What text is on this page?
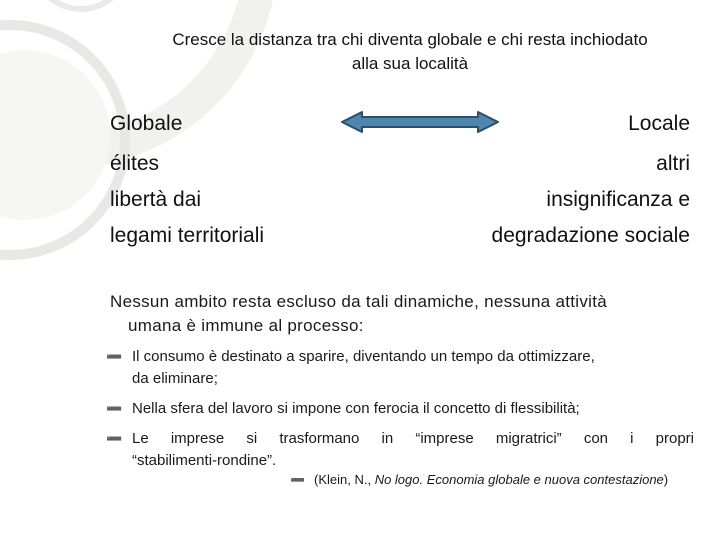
Cresce la distanza tra chi diventa globale e chi resta inchiodato
alla sua località
Globale	Locale
élites
libertà dai
legami territoriali
altri
insignificanza e
degradazione sociale
Nessun ambito resta escluso da tali dinamiche, nessuna attività
umana è immune al processo:
➖ Il consumo è destinato a sparire, diventando un tempo da ottimizzare,
da eliminare;
➖ Nella sfera del lavoro si impone con ferocia il concetto di flessibilità;
➖ Le imprese si trasformano in “imprese migratrici” con i propri
“stabilimenti-rondine”.
➖ (Klein, N., No logo. Economia globale e nuova contestazione)
